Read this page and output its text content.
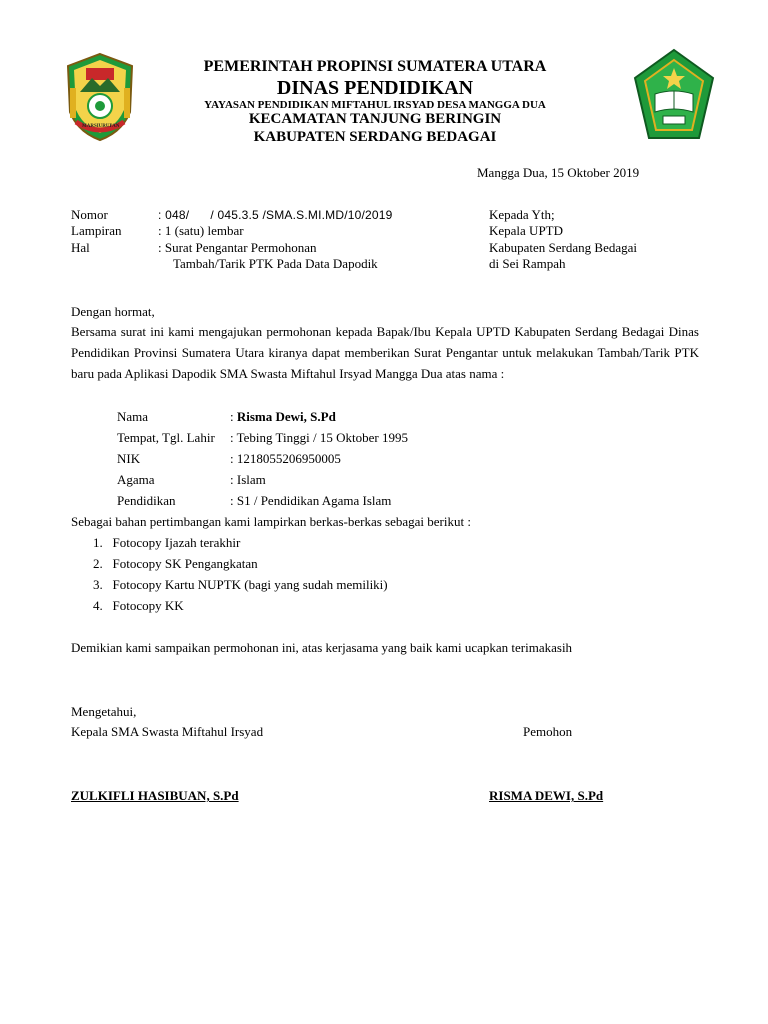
MARSIURUPAN
PEMERINTAH PROPINSI SUMATERA UTARA
DINAS PENDIDIKAN
YAYASAN PENDIDIKAN MIFTAHUL IRSYAD DESA MANGGA DUA
KECAMATAN TANJUNG BERINGIN
KABUPATEN SERDANG BEDAGAI
Mangga Dua, 15 Oktober 2019
Nomor	: 048/      / 045.3.5 /SMA.S.MI.MD/10/2019
Lampiran	: 1 (satu) lembar
Hal	: Surat Pengantar Permohonan
Tambah/Tarik PTK Pada Data Dapodik
Kepada Yth;
Kepala UPTD
Kabupaten Serdang Bedagai
di Sei Rampah
Dengan hormat,
Bersama surat ini kami mengajukan permohonan kepada Bapak/Ibu Kepala UPTD Kabupaten Serdang Bedagai Dinas Pendidikan Provinsi Sumatera Utara kiranya dapat memberikan Surat Pengantar untuk melakukan Tambah/Tarik PTK baru pada Aplikasi Dapodik SMA Swasta Miftahul Irsyad Mangga Dua atas nama :
Nama	: Risma Dewi, S.Pd
Tempat, Tgl. Lahir : Tebing Tinggi / 15 Oktober 1995
NIK	: 1218055206950005
Agama	: Islam
Pendidikan	: S1 / Pendidikan Agama Islam
Sebagai bahan pertimbangan kami lampirkan berkas-berkas sebagai berikut :
1.   Fotocopy Ijazah terakhir
2.   Fotocopy SK Pengangkatan
3.   Fotocopy Kartu NUPTK (bagi yang sudah memiliki)
4.   Fotocopy KK
Demikian kami sampaikan permohonan ini, atas kerjasama yang baik kami ucapkan terimakasih
Mengetahui,
Kepala SMA Swasta Miftahul Irsyad	Pemohon
ZULKIFLI HASIBUAN, S.Pd	RISMA DEWI, S.Pd
